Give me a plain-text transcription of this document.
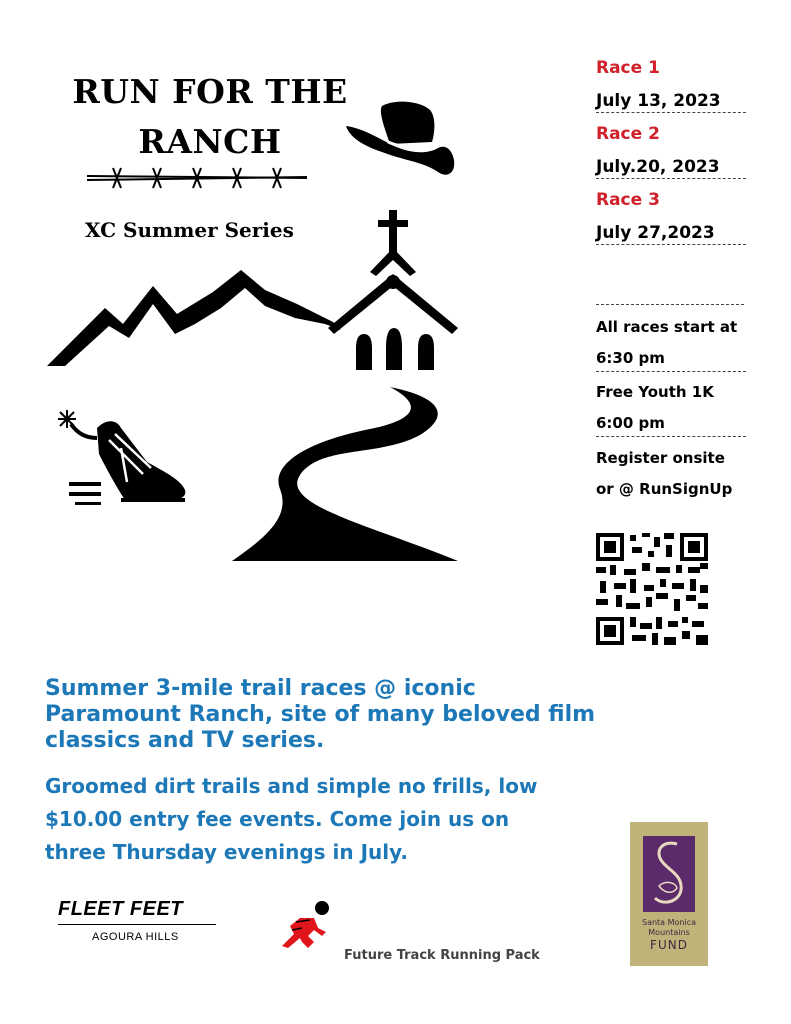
RUN FOR THE
RANCH
XC Summer Series
Race 1
July 13, 2023
Race 2
July.20, 2023
Race 3
July 27,2023
All races start at
6:30 pm
Free Youth 1K
6:00 pm
Register onsite
or @ RunSignUp
Summer 3-mile trail races @ iconic Paramount Ranch, site of many beloved film classics and TV series.
Groomed dirt trails and simple no frills, low $10.00 entry fee events. Come join us on three Thursday evenings in July.
FLEET FEET
AGOURA HILLS
Future Track Running Pack
Santa Monica
Mountains
FUND
